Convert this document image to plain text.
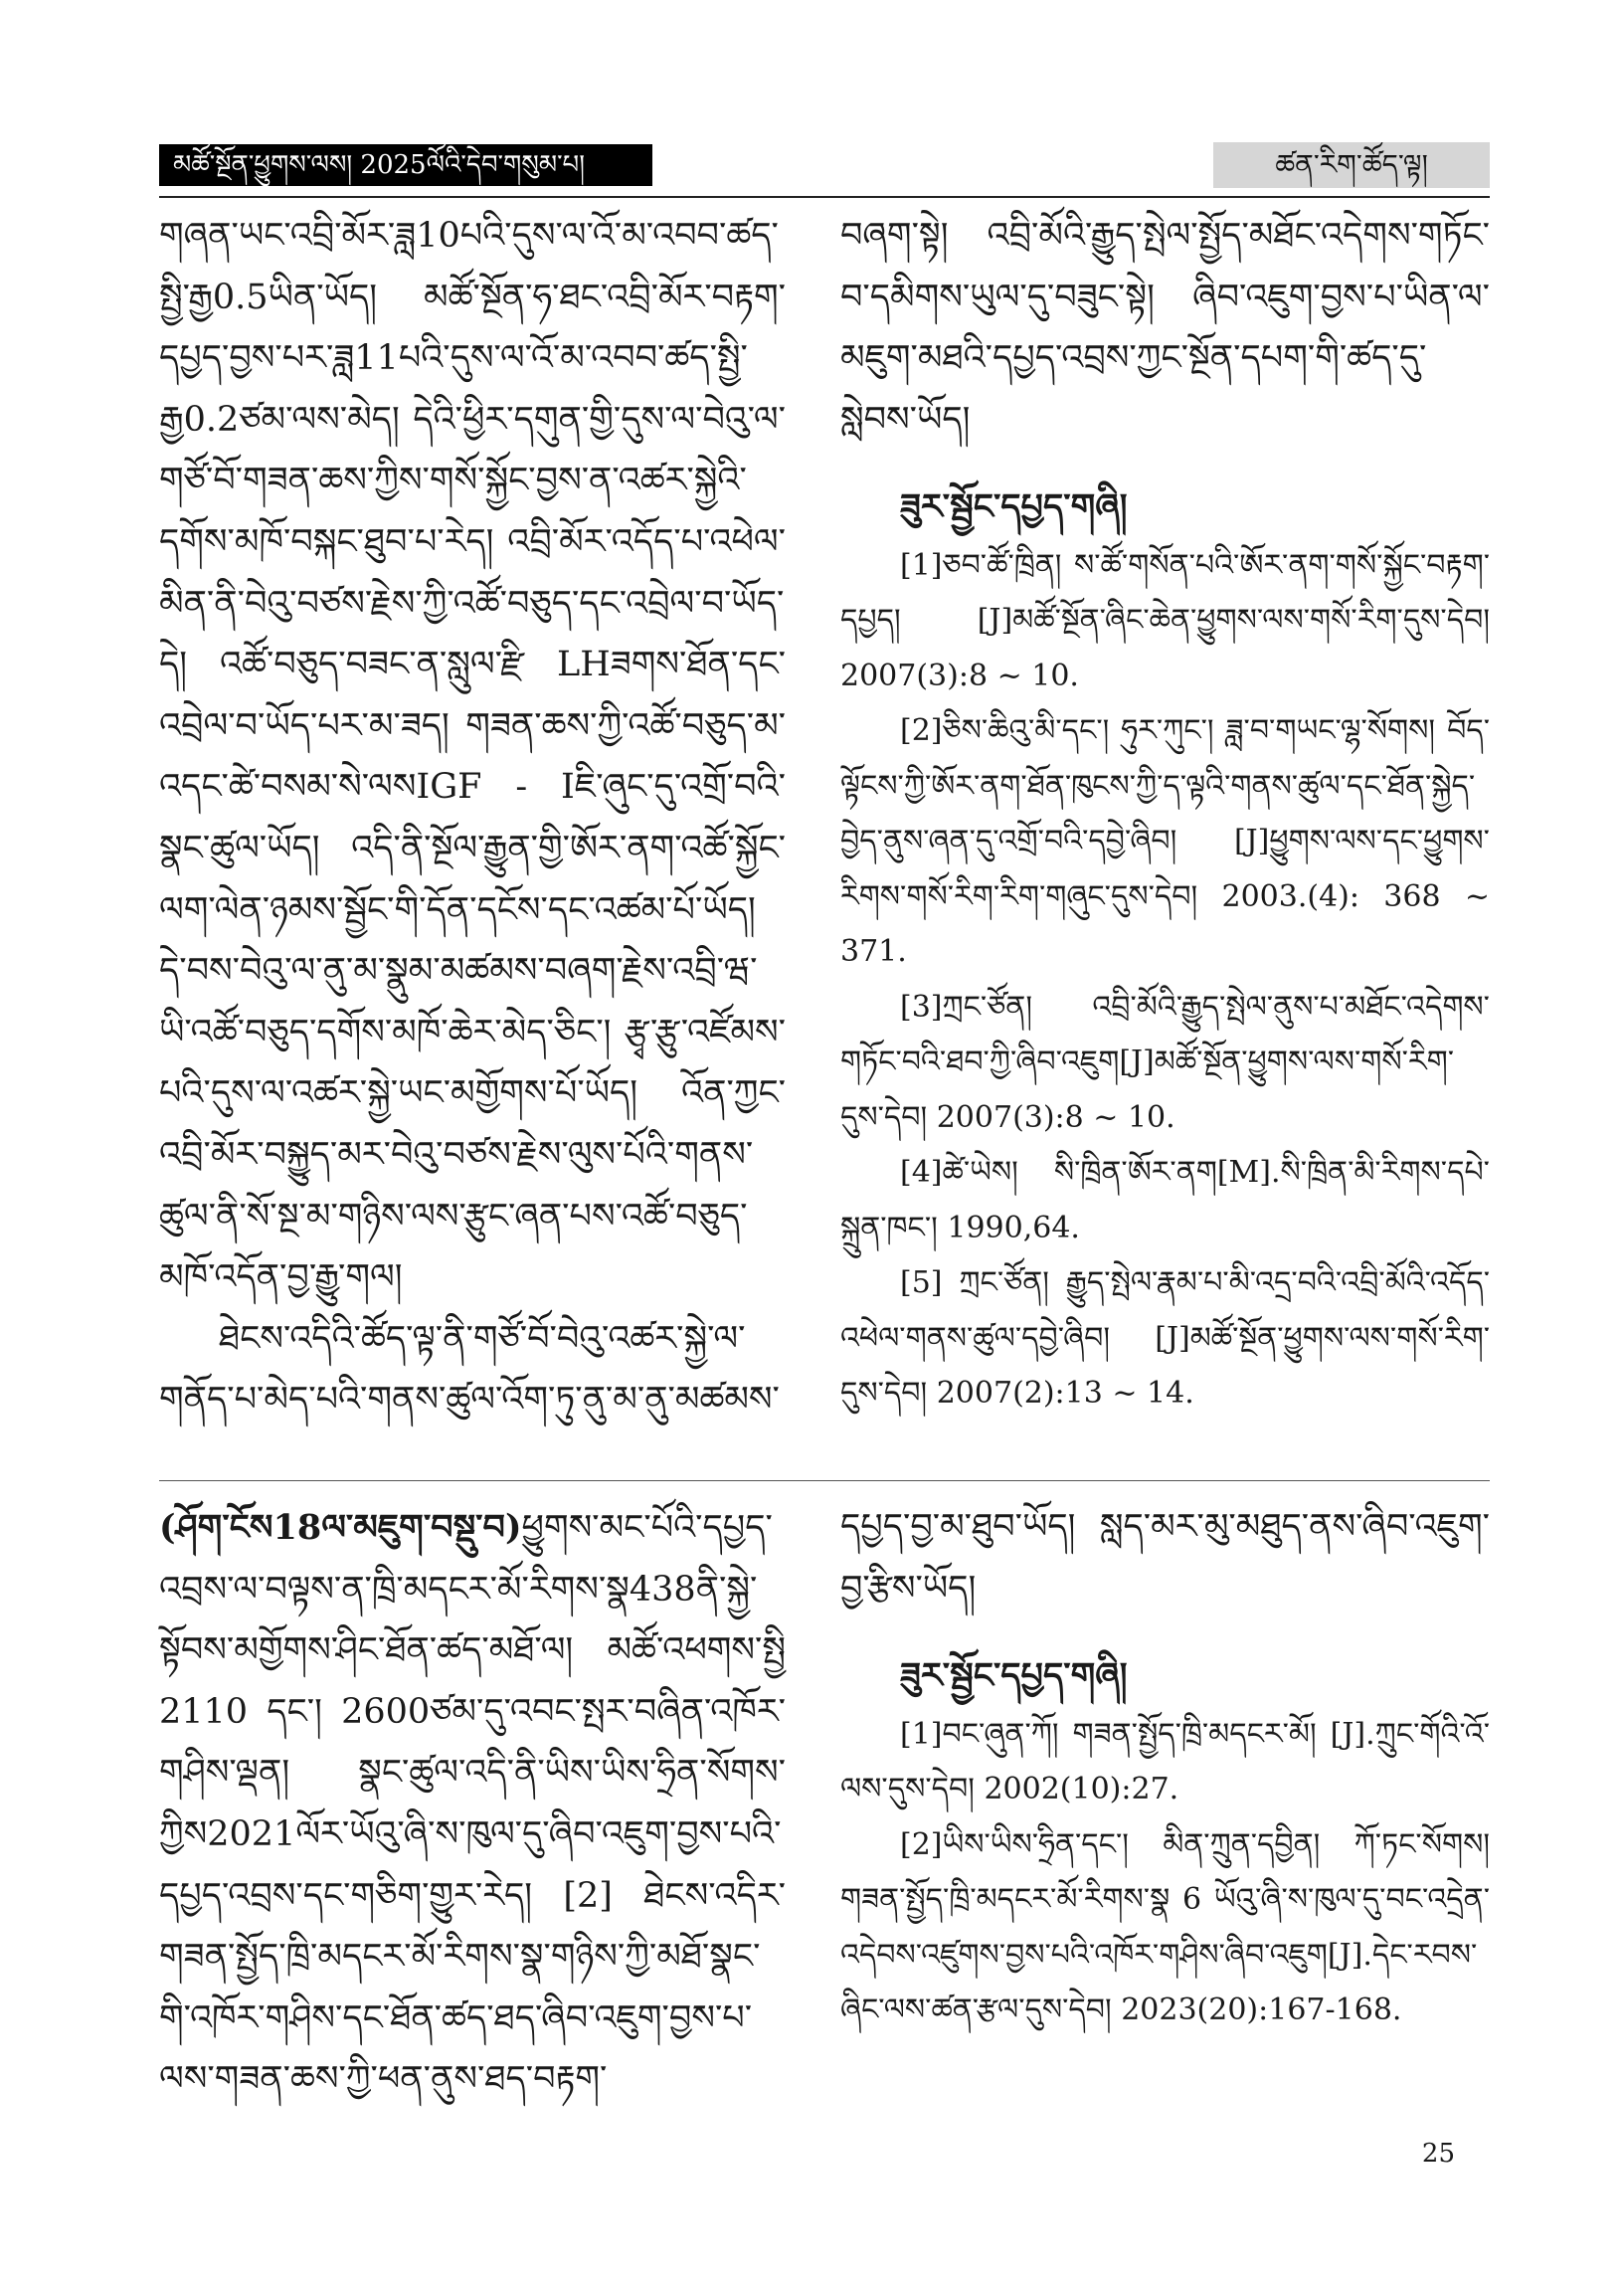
མཚོ་སྔོན་ཕྱུགས་ལས། 2025ལོའི་དེབ་གསུམ་པ།	ཚན་རིག་ཚོད་ལྟ།

གཞན་ཡང་འབྲི་མོར་ཟླ10པའི་དུས་ལ་འོ་མ་འབབ་ཚད་སྤྱི་རྒྱ0.5ཡིན་ཡོད། མཚོ་སྔོན་ཧ་ཐང་འབྲི་མོར་བརྟག་དཔྱད་བྱས་པར་ཟླ11པའི་དུས་ལ་འོ་མ་འབབ་ཚད་སྤྱི་རྒྱ0.2ཙམ་ལས་མེད། དེའི་ཕྱིར་དགུན་གྱི་དུས་ལ་བེའུ་ལ་གཙོ་བོ་གཟན་ཆས་ཀྱིས་གསོ་སྐྱོང་བྱས་ན་འཚར་སྐྱེའི་དགོས་མཁོ་བསྐང་ཐུབ་པ་རེད། འབྲི་མོར་འདོད་པ་འཕེལ་མིན་ནི་བེའུ་བཙས་རྗེས་ཀྱི་འཚོ་བཅུད་དང་འབྲེལ་བ་ཡོད་དེ། འཚོ་བཅུད་བཟང་ན་སླུལ་རྫི LHཟགས་ཐོན་དང་འབྲེལ་བ་ཡོད་པར་མ་ཟད། གཟན་ཆས་ཀྱི་འཚོ་བཅུད་མ་འདང་ཚེ་བསམ་སེ་ལསIGF - Iཇི་ཞུང་དུ་འགྲོ་བའི་སྣང་ཚུལ་ཡོད། འདི་ནི་སྔོལ་རྒྱུན་གྱི་ཨོར་ནག་འཚོ་སྐྱོང་ལག་ལེན་ཉམས་སྦྱོང་གི་དོན་དངོས་དང་འཚམ་པོ་ཡོད། དེ་བས་བེའུ་ལ་ནུ་མ་སྣུམ་མཚམས་བཞག་རྗེས་འབྲི་ཝ་ཡི་འཚོ་བཅུད་དགོས་མཁོ་ཆེར་མེད་ཅིང་། རྩྭ་རྩུ་འཛོམས་པའི་དུས་ལ་འཚར་སྐྱེ་ཡང་མགྱོགས་པོ་ཡོད། འོན་ཀྱང་འབྲི་མོར་བསྐྱུད་མར་བེའུ་བཙས་རྗེས་ལུས་པོའི་གནས་ཚུལ་ནི་སོ་སྔ་མ་གཉིས་ལས་རྩུང་ཞན་པས་འཚོ་བཅུད་མཁོ་འདོན་བྱ་རྒྱུ་གལ།

ཐེངས་འདིའི་ཚོད་ལྟ་ནི་གཙོ་བོ་བེའུ་འཚར་སྐྱེ་ལ་གནོད་པ་མེད་པའི་གནས་ཚུལ་འོག་ཏུ་ནུ་མ་ནུ་མཚམས་

བཞག་སྟེ། འབྲི་མོའི་རྒྱུད་སྤེལ་སྤྱོད་མཐོང་འདེགས་གཏོང་བ་དམིགས་ཡུལ་དུ་བཟུང་སྟེ། ཞིབ་འཇུག་བྱས་པ་ཡིན་ལ་མཇུག་མཐའི་དཔྱད་འབྲས་ཀྱང་སྔོན་དཔག་གི་ཚད་དུ་སླེབས་ཡོད།

ཟུར་སྦྱོང་དཔྱད་གཞི།

[1]ཅབ་ཚོ་ཁྲིན། ས་ཚོ་གསོན་པའི་ཨོར་ནག་གསོ་སྐྱོང་བརྟག་དཔྱད། [J]མཚོ་སྔོན་ཞིང་ཆེན་ཕྱུགས་ལས་གསོ་རིག་དུས་དེབ། 2007(3):8 ~ 10.

[2]ཅིས་ཆིའུ་མི་དང་། ཧུར་ཀུང་། ཟླ་བ་གཡང་ལྷ་སོགས། བོད་ལྟོངས་ཀྱི་ཨོར་ནག་ཐོན་ཁུངས་ཀྱི་ད་ལྟའི་གནས་ཚུལ་དང་ཐོན་སྐྱེད་བྱེད་ནུས་ཞན་དུ་འགྲོ་བའི་དབྱེ་ཞིབ། [J]ཕྱུགས་ལས་དང་ཕྱུགས་རིགས་གསོ་རིག་རིག་གཞུང་དུས་དེབ། 2003.(4): 368 ~ 371.

[3]ཀྲང་ཙོན། འབྲི་མོའི་རྒྱུད་སྤེལ་ནུས་པ་མཐོང་འདེགས་གཏོང་བའི་ཐབ་ཀྱི་ཞིབ་འཇུག[J]མཚོ་སྔོན་ཕྱུགས་ལས་གསོ་རིག་དུས་དེབ། 2007(3):8 ~ 10.

[4]ཚེ་ཡེས། སི་ཁྲིན་ཨོར་ནག[M].སི་ཁྲིན་མི་རིགས་དཔེ་སྐྲུན་ཁང་། 1990,64.

[5] ཀྲང་ཙོན། རྒྱུད་སྤེལ་རྣམ་པ་མི་འདྲ་བའི་འབྲི་མོའི་འདོད་འཕེལ་གནས་ཚུལ་དབྱེ་ཞིབ། [J]མཚོ་སྔོན་ཕྱུགས་ལས་གསོ་རིག་དུས་དེབ། 2007(2):13 ~ 14.

(ཤོག་ངོས18ལ་མཇུག་བསྡུ་བ)ཕྱུགས་མང་པོའི་དཔྱད་འབྲས་ལ་བལྟས་ན་ཁྲི་མདངར་མོ་རིགས་སྣ438ནི་སྐྱེ་སྟོབས་མགྱོགས་ཤིང་ཐོན་ཚད་མཐོ་ལ། མཚོ་འཕགས་སྤྱི 2110 དང་། 2600ཙམ་དུ་འབང་སྤར་བཞིན་འཁོར་གཤིས་ལྡན། སྣང་ཚུལ་འདི་ནི་ཡིས་ཡིས་ཧྲིན་སོགས་ཀྱིས2021ལོར་ཡོའུ་ཞི་ས་ཁུལ་དུ་ཞིབ་འཇུག་བྱས་པའི་དཔྱད་འབྲས་དང་གཅིག་གྱུར་རེད། [2] ཐེངས་འདིར་གཟན་སྤྱོད་ཁྲི་མདངར་མོ་རིགས་སྣ་གཉིས་ཀྱི་མཐོ་སྣང་གི་འཁོར་གཤིས་དང་ཐོན་ཚད་ཐད་ཞིབ་འཇུག་བྱས་པ་ལས་གཟན་ཆས་ཀྱི་ཕན་ནུས་ཐད་བརྟག་

དཔྱད་བྱ་མ་ཐུབ་ཡོད། སླད་མར་མུ་མཐུད་ནས་ཞིབ་འཇུག་བྱ་རྩིས་ཡོད།

ཟུར་སྦྱོང་དཔྱད་གཞི།

[1]བང་ཞུན་ཀོ། གཟན་སྤྱོད་ཁྲི་མདངར་མོ། [J].ཀྲུང་གོའི་འོ་ལས་དུས་དེབ། 2002(10):27.

[2]ཡིས་ཡིས་ཧྲིན་དང་། མིན་ཀྲུན་དབྱིན། ཀོ་ཏང་སོགས། གཟན་སྤྱོད་ཁྲི་མདངར་མོ་རིགས་སྣ 6 ཡོའུ་ཞི་ས་ཁུལ་དུ་བང་འདྲེན་འདེབས་འཛུགས་བྱས་པའི་འཁོར་གཤིས་ཞིབ་འཇུག[J].དེང་རབས་ཞིང་ལས་ཚན་རྩལ་དུས་དེབ། 2023(20):167-168.

25
